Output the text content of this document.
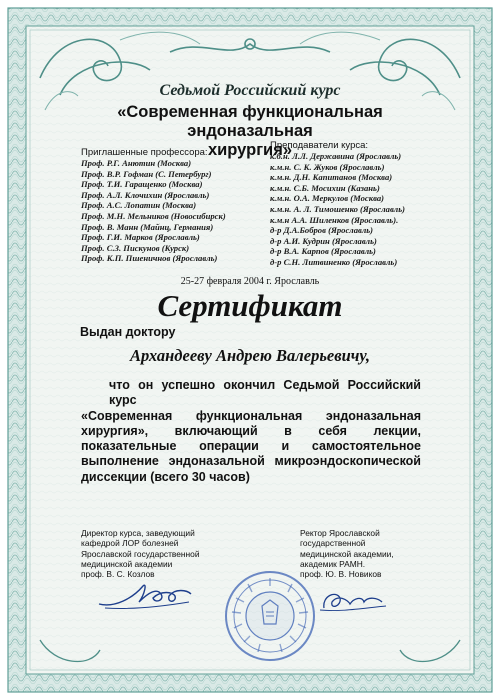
Седьмой Российский курс
«Современная функциональная эндоназальная
хирургия»
Приглашенные профессора:
Проф. Р.Г. Анютин (Москва)
Проф. В.Р. Гофман (С. Петербург)
Проф. Т.И. Гаращенко (Москва)
Проф. А.Л. Клочихин (Ярославль)
Проф. А.С. Лопатин (Москва)
Проф. М.Н. Мельников (Новосибирск)
Проф. В. Манн (Майнц, Германия)
Проф. Г.И. Марков (Ярославль)
Проф. С.З. Пискунов (Курск)
Проф. К.П. Пшеничнов (Ярославль)
Преподаватели курса:
к.б.н. Л.Л. Державина (Ярославль)
к.м.н. С. К. Жуков (Ярославль)
к.м.н. Д.Н. Капитанов (Москва)
к.м.н. С.Б. Мосихин (Казань)
к.м.н. О.А. Меркулов (Москва)
к.м.н. А. Л. Тимошенко (Ярославль)
к.м.н А.А. Шиленков (Ярославль).
д-р Д.А.Бобров (Ярославль)
д-р А.И. Кудрин (Ярославль)
д-р В.А. Карпов (Ярославль)
д-р С.Н. Литвиненко (Ярославль)
25-27 февраля 2004 г. Ярославль
Сертификат
Выдан доктору
Архандееву Андрею Валерьевичу,
что он успешно окончил Седьмой Российский курс
«Современная функциональная эндоназальная
хирургия», включающий в себя лекции,
показательные операции и самостоятельное
выполнение эндоназальной микроэндоскопической
диссекции (всего 30 часов)
Директор курса, заведующий
кафедрой ЛОР болезней
Ярославской государственной
медицинской академии
проф. В. С. Козлов
Ректор Ярославской
государственной
медицинской академии,
академик РАМН.
проф. Ю. В. Новиков
